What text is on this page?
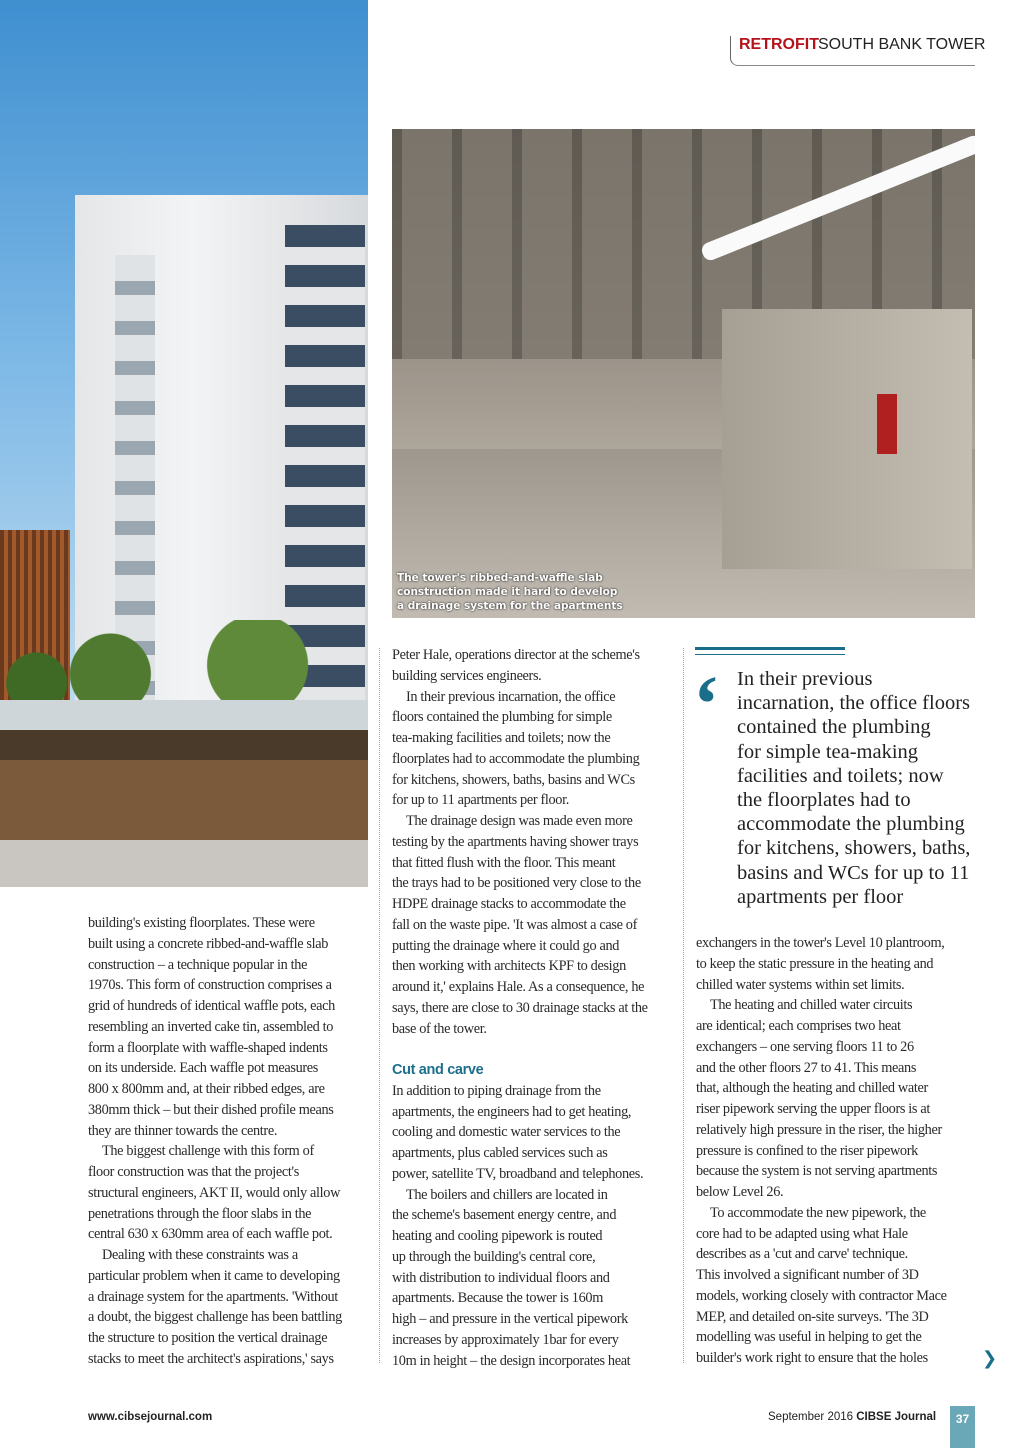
RETROFIT SOUTH BANK TOWER
The tower's ribbed-and-waffle slab construction made it hard to develop a drainage system for the apartments
building's existing floorplates. These were
built using a concrete ribbed-and-waffle slab
construction – a technique popular in the
1970s. This form of construction comprises a
grid of hundreds of identical waffle pots, each
resembling an inverted cake tin, assembled to
form a floorplate with waffle-shaped indents
on its underside. Each waffle pot measures
800 x 800mm and, at their ribbed edges, are
380mm thick – but their dished profile means
they are thinner towards the centre.
The biggest challenge with this form of
floor construction was that the project's
structural engineers, AKT II, would only allow
penetrations through the floor slabs in the
central 630 x 630mm area of each waffle pot.
Dealing with these constraints was a
particular problem when it came to developing
a drainage system for the apartments. 'Without
a doubt, the biggest challenge has been battling
the structure to position the vertical drainage
stacks to meet the architect's aspirations,' says
Peter Hale, operations director at the scheme's
building services engineers.
In their previous incarnation, the office
floors contained the plumbing for simple
tea-making facilities and toilets; now the
floorplates had to accommodate the plumbing
for kitchens, showers, baths, basins and WCs
for up to 11 apartments per floor.
The drainage design was made even more
testing by the apartments having shower trays
that fitted flush with the floor. This meant
the trays had to be positioned very close to the
HDPE drainage stacks to accommodate the
fall on the waste pipe. 'It was almost a case of
putting the drainage where it could go and
then working with architects KPF to design
around it,' explains Hale. As a consequence, he
says, there are close to 30 drainage stacks at the
base of the tower.
Cut and carve
In addition to piping drainage from the
apartments, the engineers had to get heating,
cooling and domestic water services to the
apartments, plus cabled services such as
power, satellite TV, broadband and telephones.
The boilers and chillers are located in
the scheme's basement energy centre, and
heating and cooling pipework is routed
up through the building's central core,
with distribution to individual floors and
apartments. Because the tower is 160m
high – and pressure in the vertical pipework
increases by approximately 1bar for every
10m in height – the design incorporates heat
exchangers in the tower's Level 10 plantroom,
to keep the static pressure in the heating and
chilled water systems within set limits.
The heating and chilled water circuits
are identical; each comprises two heat
exchangers – one serving floors 11 to 26
and the other floors 27 to 41. This means
that, although the heating and chilled water
riser pipework serving the upper floors is at
relatively high pressure in the riser, the higher
pressure is confined to the riser pipework
because the system is not serving apartments
below Level 26.
To accommodate the new pipework, the
core had to be adapted using what Hale
describes as a 'cut and carve' technique.
This involved a significant number of 3D
models, working closely with contractor Mace
MEP, and detailed on-site surveys. 'The 3D
modelling was useful in helping to get the
builder's work right to ensure that the holes
‘ In their previous
incarnation, the office floors
contained the plumbing
for simple tea-making
facilities and toilets; now
the floorplates had to
accommodate the plumbing
for kitchens, showers, baths,
basins and WCs for up to 11
apartments per floor
www.cibsejournal.com	September 2016 CIBSE Journal	37
❯
